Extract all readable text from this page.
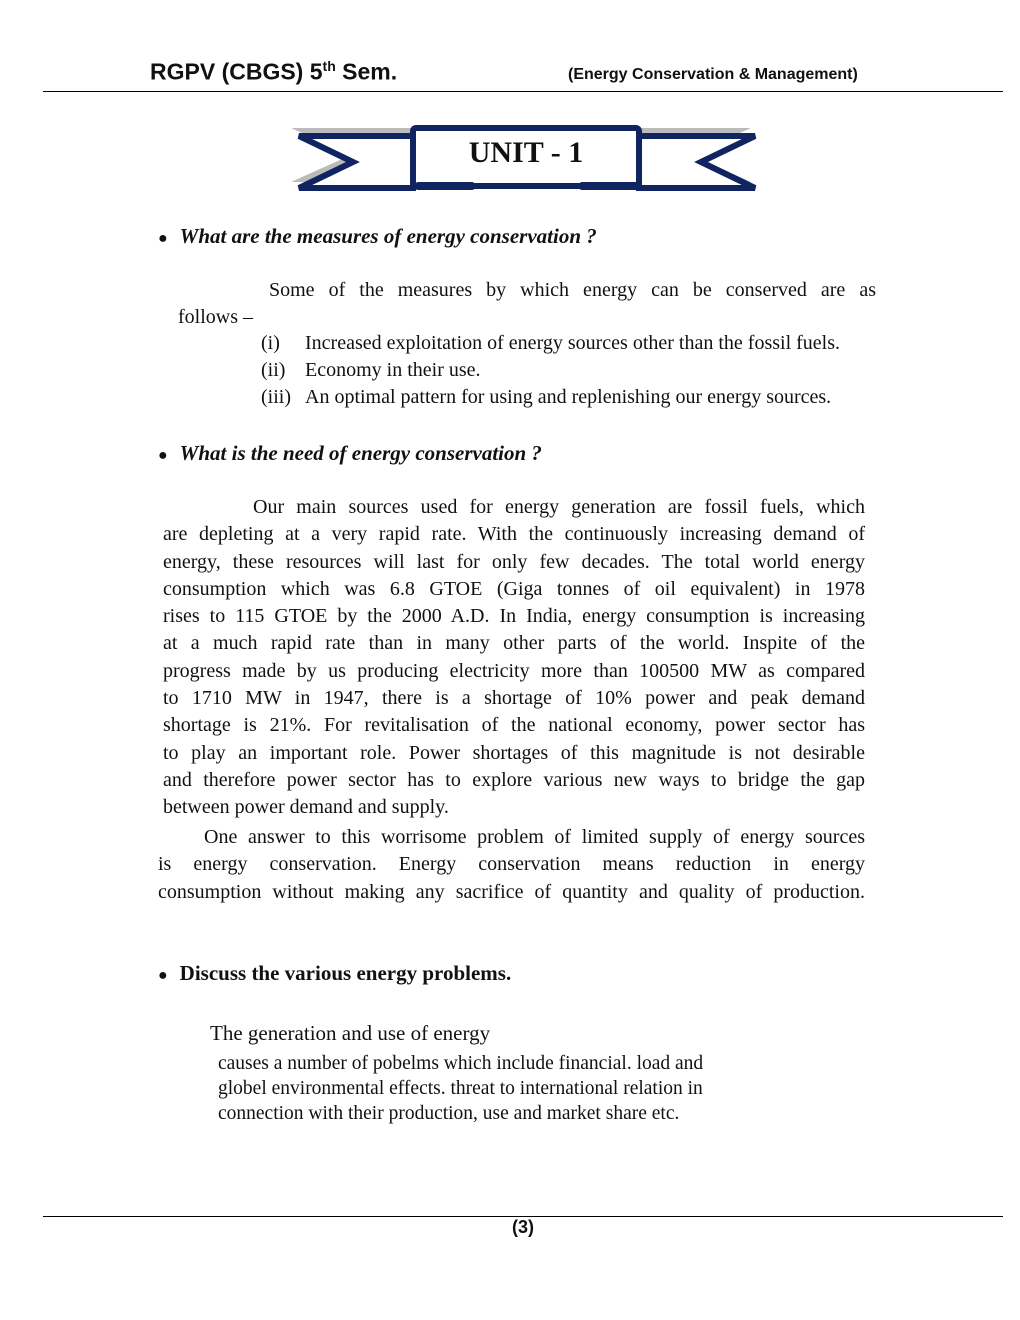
RGPV (CBGS) 5th Sem.	(Energy Conservation & Management)
UNIT - 1
● What are the measures of energy conservation ?
Some of the measures by which energy can be conserved are as
follows –
(i) Increased exploitation of energy sources other than the fossil fuels.
(ii) Economy in their use.
(iii) An optimal pattern for using and replenishing our energy sources.
● What is the need of energy conservation ?
Our main sources used for energy generation are fossil fuels, which
are depleting at a very rapid rate. With the continuously increasing demand of
energy, these resources will last for only few decades. The total world energy
consumption which was 6.8 GTOE (Giga tonnes of oil equivalent) in 1978
rises to 115 GTOE by the 2000 A.D. In India, energy consumption is increasing
at a much rapid rate than in many other parts of the world. Inspite of the
progress made by us producing electricity more than 100500 MW as compared
to 1710 MW in 1947, there is a shortage of 10% power and peak demand
shortage is 21%. For revitalisation of the national economy, power sector has
to play an important role. Power shortages of this magnitude is not desirable
and therefore power sector has to explore various new ways to bridge the gap
between power demand and supply.
One answer to this worrisome problem of limited supply of energy sources
is energy conservation. Energy conservation means reduction in energy
consumption without making any sacrifice of quantity and quality of production.
● Discuss the various energy problems.
The generation and use of energy
causes a number of pobelms which include financial. load and
globel environmental effects. threat to international relation in
connection with their production, use and market share etc.
(3)
